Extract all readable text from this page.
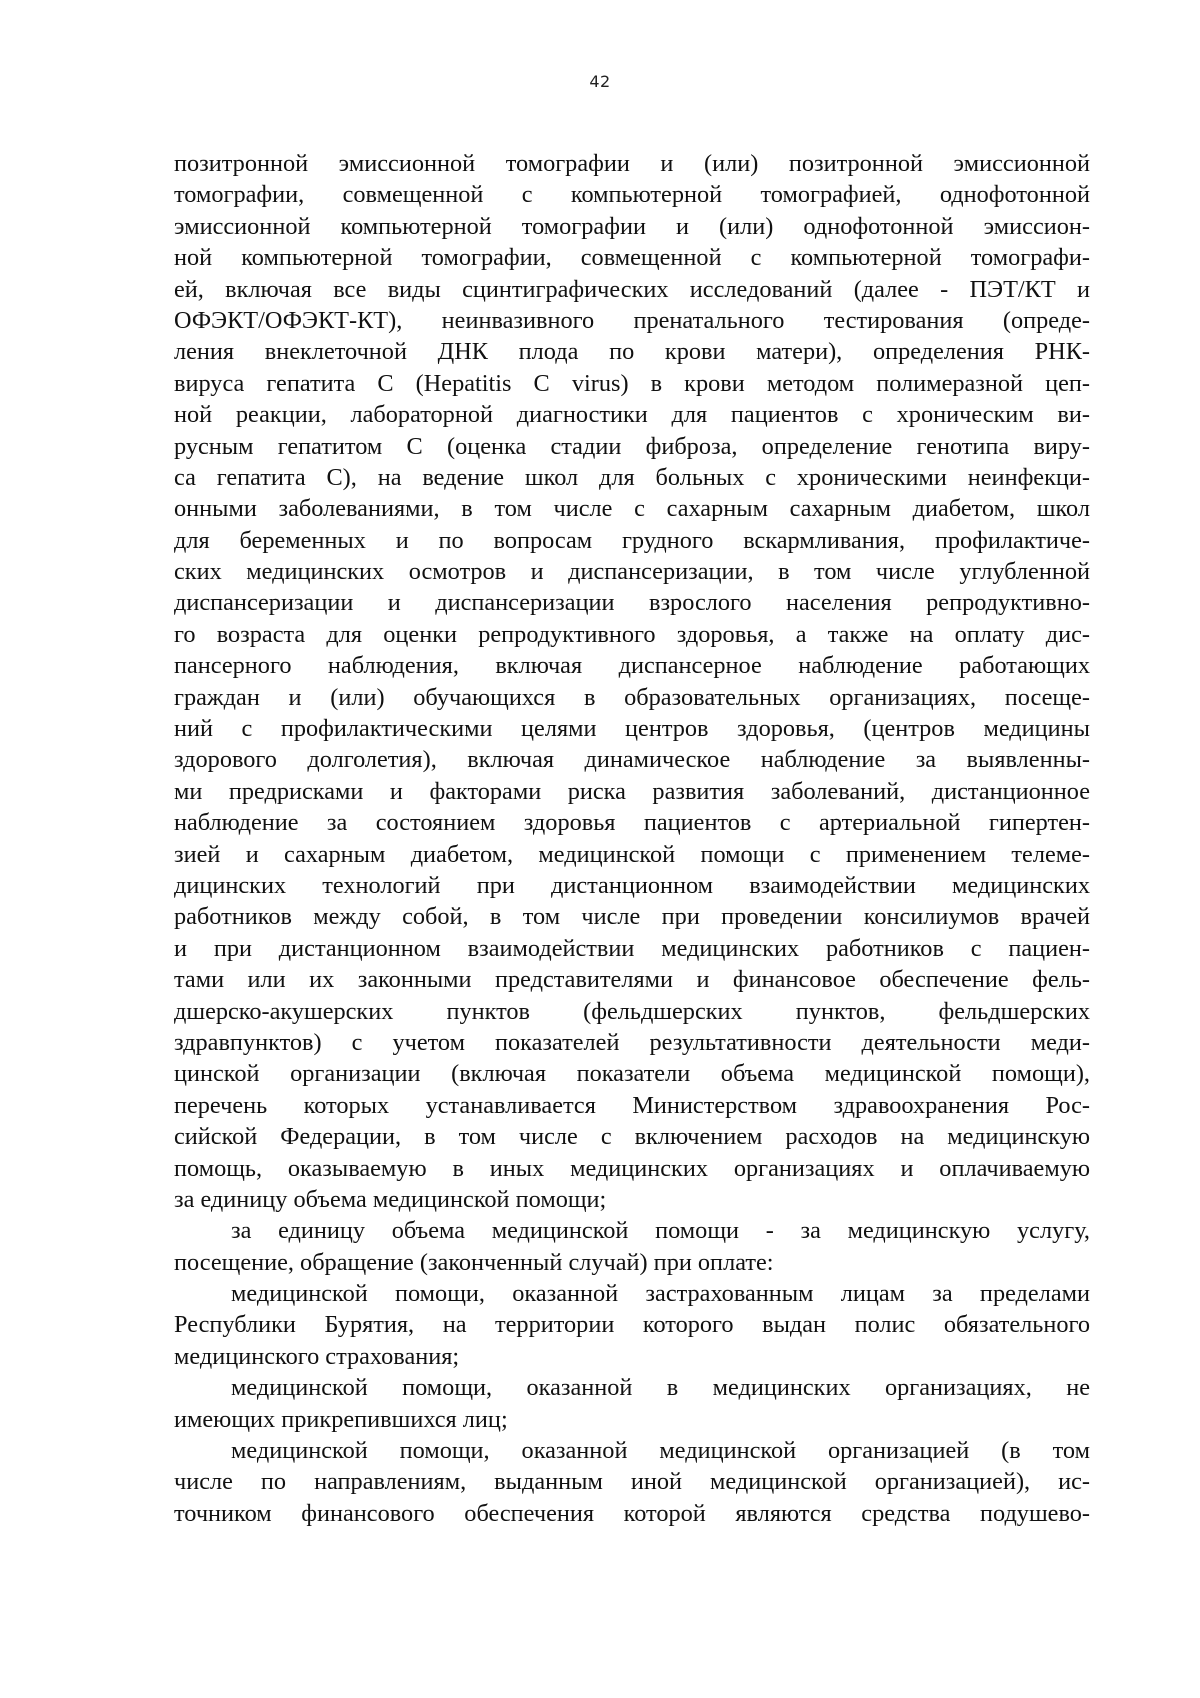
42
позитронной эмиссионной томографии и (или) позитронной эмиссионной
томографии, совмещенной с компьютерной томографией, однофотонной
эмиссионной компьютерной томографии и (или) однофотонной эмиссион-
ной компьютерной томографии, совмещенной с компьютерной томографи-
ей, включая все виды сцинтиграфических исследований (далее - ПЭТ/КТ и
ОФЭКТ/ОФЭКТ-КТ), неинвазивного пренатального тестирования (опреде-
ления внеклеточной ДНК плода по крови матери), определения РНК-
вируса гепатита С (Hepatitis C virus) в крови методом полимеразной цеп-
ной реакции, лабораторной диагностики для пациентов с хроническим ви-
русным гепатитом С (оценка стадии фиброза, определение генотипа виру-
са гепатита С), на ведение школ для больных с хроническими неинфекци-
онными заболеваниями, в том числе с сахарным сахарным диабетом, школ
для беременных и по вопросам грудного вскармливания, профилактиче-
ских медицинских осмотров и диспансеризации, в том числе углубленной
диспансеризации и диспансеризации взрослого населения репродуктивно-
го возраста для оценки репродуктивного здоровья, а также на оплату дис-
пансерного наблюдения, включая диспансерное наблюдение работающих
граждан и (или) обучающихся в образовательных организациях, посеще-
ний с профилактическими целями центров здоровья, (центров медицины
здорового долголетия), включая динамическое наблюдение за выявленны-
ми предрисками и факторами риска развития заболеваний, дистанционное
наблюдение за состоянием здоровья пациентов с артериальной гипертен-
зией и сахарным диабетом, медицинской помощи с применением телеме-
дицинских технологий при дистанционном взаимодействии медицинских
работников между собой, в том числе при проведении консилиумов врачей
и при дистанционном взаимодействии медицинских работников с пациен-
тами или их законными представителями и финансовое обеспечение фель-
дшерско-акушерских пунктов (фельдшерских пунктов, фельдшерских
здравпунктов) с учетом показателей результативности деятельности меди-
цинской организации (включая показатели объема медицинской помощи),
перечень которых устанавливается Министерством здравоохранения Рос-
сийской Федерации, в том числе с включением расходов на медицинскую
помощь, оказываемую в иных медицинских организациях и оплачиваемую
за единицу объема медицинской помощи;
за единицу объема медицинской помощи - за медицинскую услугу,
посещение, обращение (законченный случай) при оплате:
медицинской помощи, оказанной застрахованным лицам за пределами
Республики Бурятия, на территории которого выдан полис обязательного
медицинского страхования;
медицинской помощи, оказанной в медицинских организациях, не
имеющих прикрепившихся лиц;
медицинской помощи, оказанной медицинской организацией (в том
числе по направлениям, выданным иной медицинской организацией), ис-
точником финансового обеспечения которой являются средства подушево-
